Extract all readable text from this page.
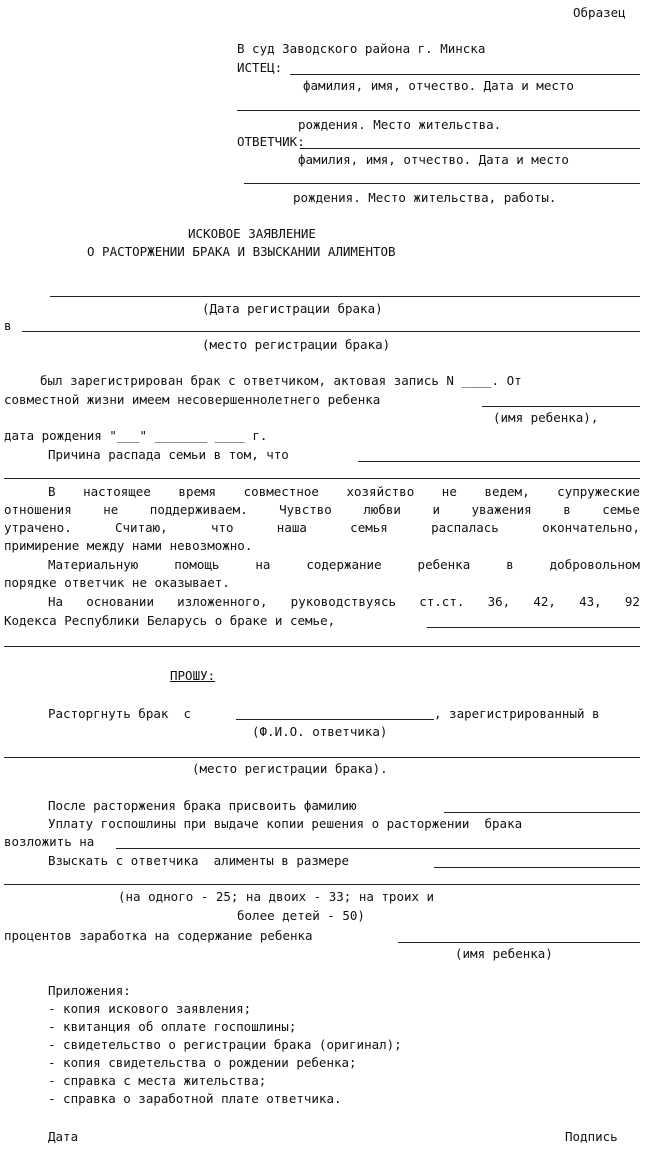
Образец
В суд Заводского района г. Минска
ИСТЕЦ:
фамилия, имя, отчество. Дата и место
рождения. Место жительства.
ОТВЕТЧИК:
фамилия, имя, отчество. Дата и место
рождения. Место жительства, работы.
ИСКОВОЕ ЗАЯВЛЕНИЕ
О РАСТОРЖЕНИИ БРАКА И ВЗЫСКАНИИ АЛИМЕНТОВ
(Дата регистрации брака)
в
(место регистрации брака)
был зарегистрирован брак с ответчиком, актовая запись N ____. От
совместной жизни имеем несовершеннолетнего ребенка
(имя ребенка),
дата рождения "___" _______ ____ г.
Причина распада семьи в том, что
В настоящее время совместное хозяйство не ведем, супружеские
отношения	не	поддерживаем.	Чувство	любви	и	уважения	в	семье
утрачено.	Считаю,	что	наша	семья	распалась	окончательно,
примирение между нами невозможно.
Материальную	помощь	на	содержание	ребенка	в	добровольном
порядке ответчик не оказывает.
На основании изложенного, руководствуясь ст.ст. 36, 42, 43, 92
Кодекса Республики Беларусь о браке и семье,
ПРОШУ:
Расторгнуть брак  с	, зарегистрированный в
(Ф.И.О. ответчика)
(место регистрации брака).
После расторжения брака присвоить фамилию
Уплату госпошлины при выдаче копии решения о расторжении  брака
возложить на
Взыскать с ответчика  алименты в размере
(на одного - 25; на двоих - 33; на троих и
более детей - 50)
процентов заработка на содержание ребенка
(имя ребенка)
Приложения:
- копия искового заявления;
- квитанция об оплате госпошлины;
- свидетельство о регистрации брака (оригинал);
- копия свидетельства о рождении ребенка;
- справка с места жительства;
- справка о заработной плате ответчика.
Дата	Подпись
